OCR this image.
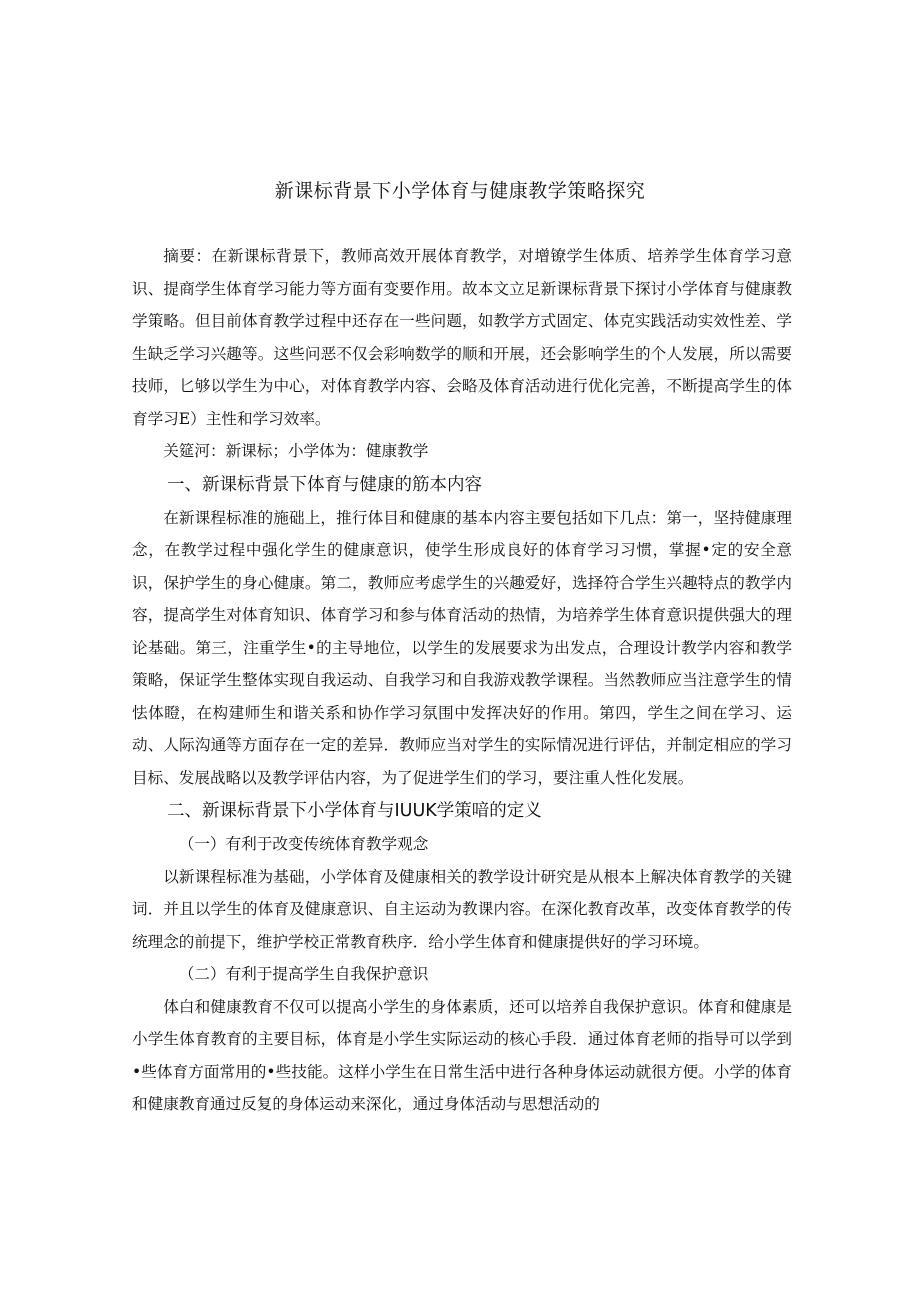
新课标背景下小学体育与健康教学策略探究

摘要：在新课标背景下，教师高效开展体育教学，对增镣学生体质、培养学生体育学习意识、提商学生体育学习能力等方面有变要作用。故本文立足新课标背景下探讨小学体育与健康教学策略。但目前体育教学过程中还存在一些问题，如教学方式固定、体克实践活动实效性差、学生缺乏学习兴趣等。这些问恶不仅会彩响数学的顺和开展，还会影响学生的个人发展，所以需要技师，匕够以学生为中心，对体育教学内容、会略及体育活动进行优化完善，不断提高学生的体育学习E）主性和学习效率。

关筵河：新课标；小学体为：健康教学

一、新课标背景下体育与健康的筋本内容

在新课程标准的施础上，推行体目和健康的基本内容主要包括如下几点：第一，坚持健康理念，在教学过程中强化学生的健康意识，使学生形成良好的体育学习习惯，掌握•定的安全意识，保护学生的身心健康。第二，教师应考虑学生的兴趣爱好，选择符合学生兴趣特点的教学内容，提高学生对体育知识、体育学习和参与体育活动的热情，为培养学生体育意识提供强大的理论基础。第三，注重学生•的主导地位，以学生的发展要求为出发点，合理设计教学内容和教学策略，保证学生整体实现自我运动、自我学习和自我游戏教学课程。当然教师应当注意学生的情怯体瞪，在构建师生和谐关系和协作学习氛围中发挥决好的作用。第四，学生之间在学习、运动、人际沟通等方面存在一定的差异．教师应当对学生的实际情况进行评估，并制定相应的学习目标、发展战略以及教学评估内容，为了促进学生们的学习，要注重人性化发展。

二、新课标背景下小学体育与IUUK学策喑的定义

（一）有利于改变传统体育教学观念

以新课程标准为基础，小学体育及健康相关的教学设计研究是从根本上解决体育教学的关键词．并且以学生的体育及健康意识、自主运动为教课内容。在深化教育改革，改变体育教学的传统理念的前提下，维护学校正常教育秩序．给小学生体育和健康提供好的学习环境。

（二）有利于提高学生自我保护意识

体白和健康教育不仅可以提高小学生的身体素质，还可以培养自我保护意识。体育和健康是小学生体育教育的主要目标，体育是小学生实际运动的核心手段．通过体育老师的指导可以学到•些体育方面常用的•些技能。这样小学生在日常生活中进行各种身体运动就很方便。小学的体育和健康教育通过反复的身体运动来深化，通过身体活动与思想活动的
